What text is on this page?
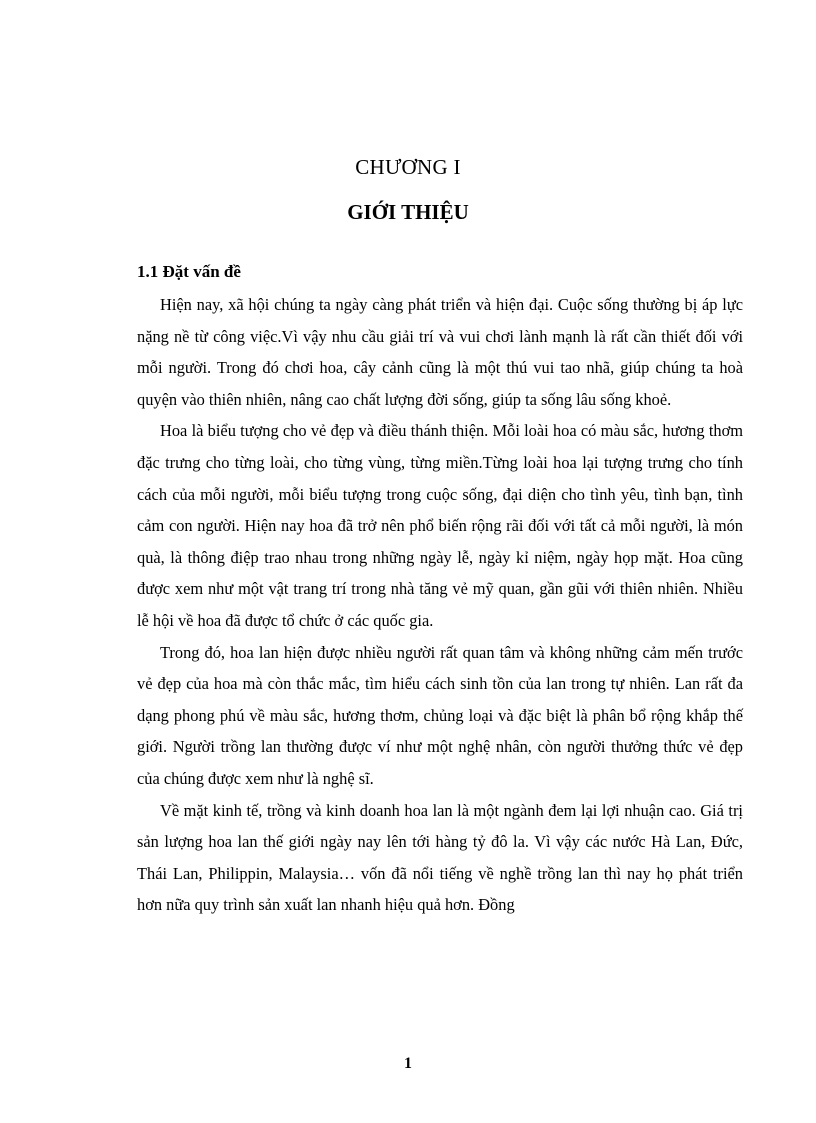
CHƯƠNG I
GIỚI THIỆU
1.1 Đặt vấn đề

Hiện nay, xã hội chúng ta ngày càng phát triển và hiện đại. Cuộc sống thường bị áp lực nặng nề từ công việc.Vì vậy nhu cầu giải trí và vui chơi lành mạnh là rất cần thiết đối với mỗi người. Trong đó chơi hoa, cây cảnh cũng là một thú vui tao nhã, giúp chúng ta hoà quyện vào thiên nhiên, nâng cao chất lượng đời sống, giúp ta sống lâu sống khoẻ.

Hoa là biểu tượng cho vẻ đẹp và điều thánh thiện. Mỗi loài hoa có màu sắc, hương thơm đặc trưng cho từng loài, cho từng vùng, từng miền.Từng loài hoa lại tượng trưng cho tính cách của mỗi người, mỗi biểu tượng trong cuộc sống, đại diện cho tình yêu, tình bạn, tình cảm con người. Hiện nay hoa đã trở nên phổ biến rộng rãi đối với tất cả mỗi người, là món quà, là thông điệp trao nhau trong những ngày lễ, ngày kỉ niệm, ngày họp mặt. Hoa cũng được xem như một vật trang trí trong nhà tăng vẻ mỹ quan, gần gũi với thiên nhiên. Nhiều lễ hội về hoa đã được tổ chức ở các quốc gia.

Trong đó, hoa lan hiện được nhiều người rất quan tâm và không những cảm mến trước vẻ đẹp của hoa mà còn thắc mắc, tìm hiểu cách sinh tồn của lan trong tự nhiên. Lan rất đa dạng phong phú về màu sắc, hương thơm, chủng loại và đặc biệt là phân bổ rộng khắp thế giới. Người trồng lan thường được ví như một nghệ nhân, còn người thưởng thức vẻ đẹp của chúng được xem như là nghệ sĩ.

Về mặt kinh tế, trồng và kinh doanh hoa lan là một ngành đem lại lợi nhuận cao. Giá trị sản lượng hoa lan thế giới ngày nay lên tới hàng tỷ đô la. Vì vậy các nước Hà Lan, Đức, Thái Lan, Philippin, Malaysia… vốn đã nổi tiếng về nghề trồng lan thì nay họ phát triển hơn nữa quy trình sản xuất lan nhanh hiệu quả hơn. Đồng

1
